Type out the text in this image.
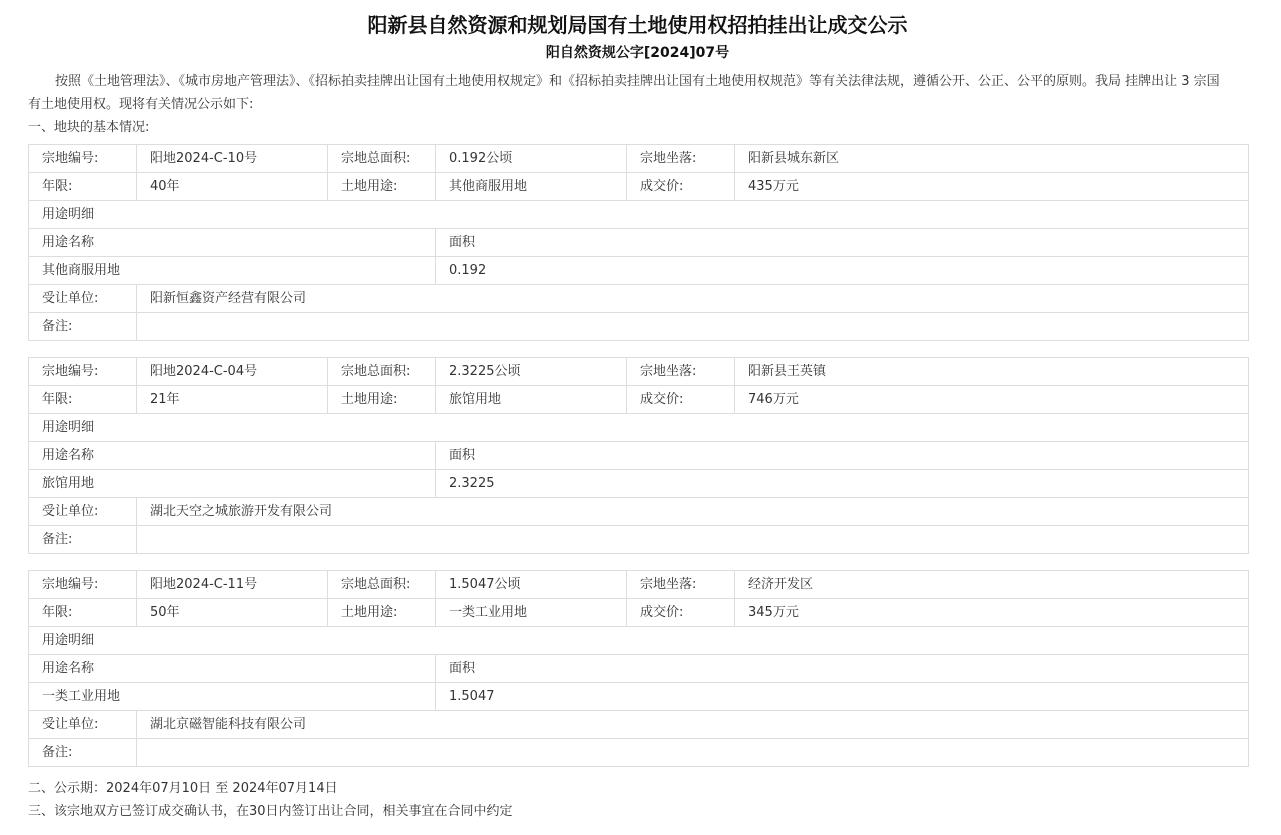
阳新县自然资源和规划局国有土地使用权招拍挂出让成交公示
阳自然资规公字[2024]07号
按照《土地管理法》、《城市房地产管理法》、《招标拍卖挂牌出让国有土地使用权规定》和《招标拍卖挂牌出让国有土地使用权规范》等有关法律法规，遵循公开、公正、公平的原则。我局 挂牌出让 3 宗国有土地使用权。现将有关情况公示如下:
一、地块的基本情况:
宗地编号:	阳地2024-C-10号	宗地总面积:	0.192公顷	宗地坐落:	阳新县城东新区
年限:	40年	土地用途:	其他商服用地	成交价:	435万元
用途明细					
用途名称			面积		
其他商服用地			0.192		
受让单位:	阳新恒鑫资产经营有限公司				
备注:					
宗地编号:	阳地2024-C-04号	宗地总面积:	2.3225公顷	宗地坐落:	阳新县王英镇
年限:	21年	土地用途:	旅馆用地	成交价:	746万元
用途明细					
用途名称			面积		
旅馆用地			2.3225		
受让单位:	湖北天空之城旅游开发有限公司				
备注:					
宗地编号:	阳地2024-C-11号	宗地总面积:	1.5047公顷	宗地坐落:	经济开发区
年限:	50年	土地用途:	一类工业用地	成交价:	345万元
用途明细					
用途名称			面积		
一类工业用地			1.5047		
受让单位:	湖北京磁智能科技有限公司				
备注:					
二、公示期：2024年07月10日 至 2024年07月14日
三、该宗地双方已签订成交确认书，在30日内签订出让合同，相关事宜在合同中约定
